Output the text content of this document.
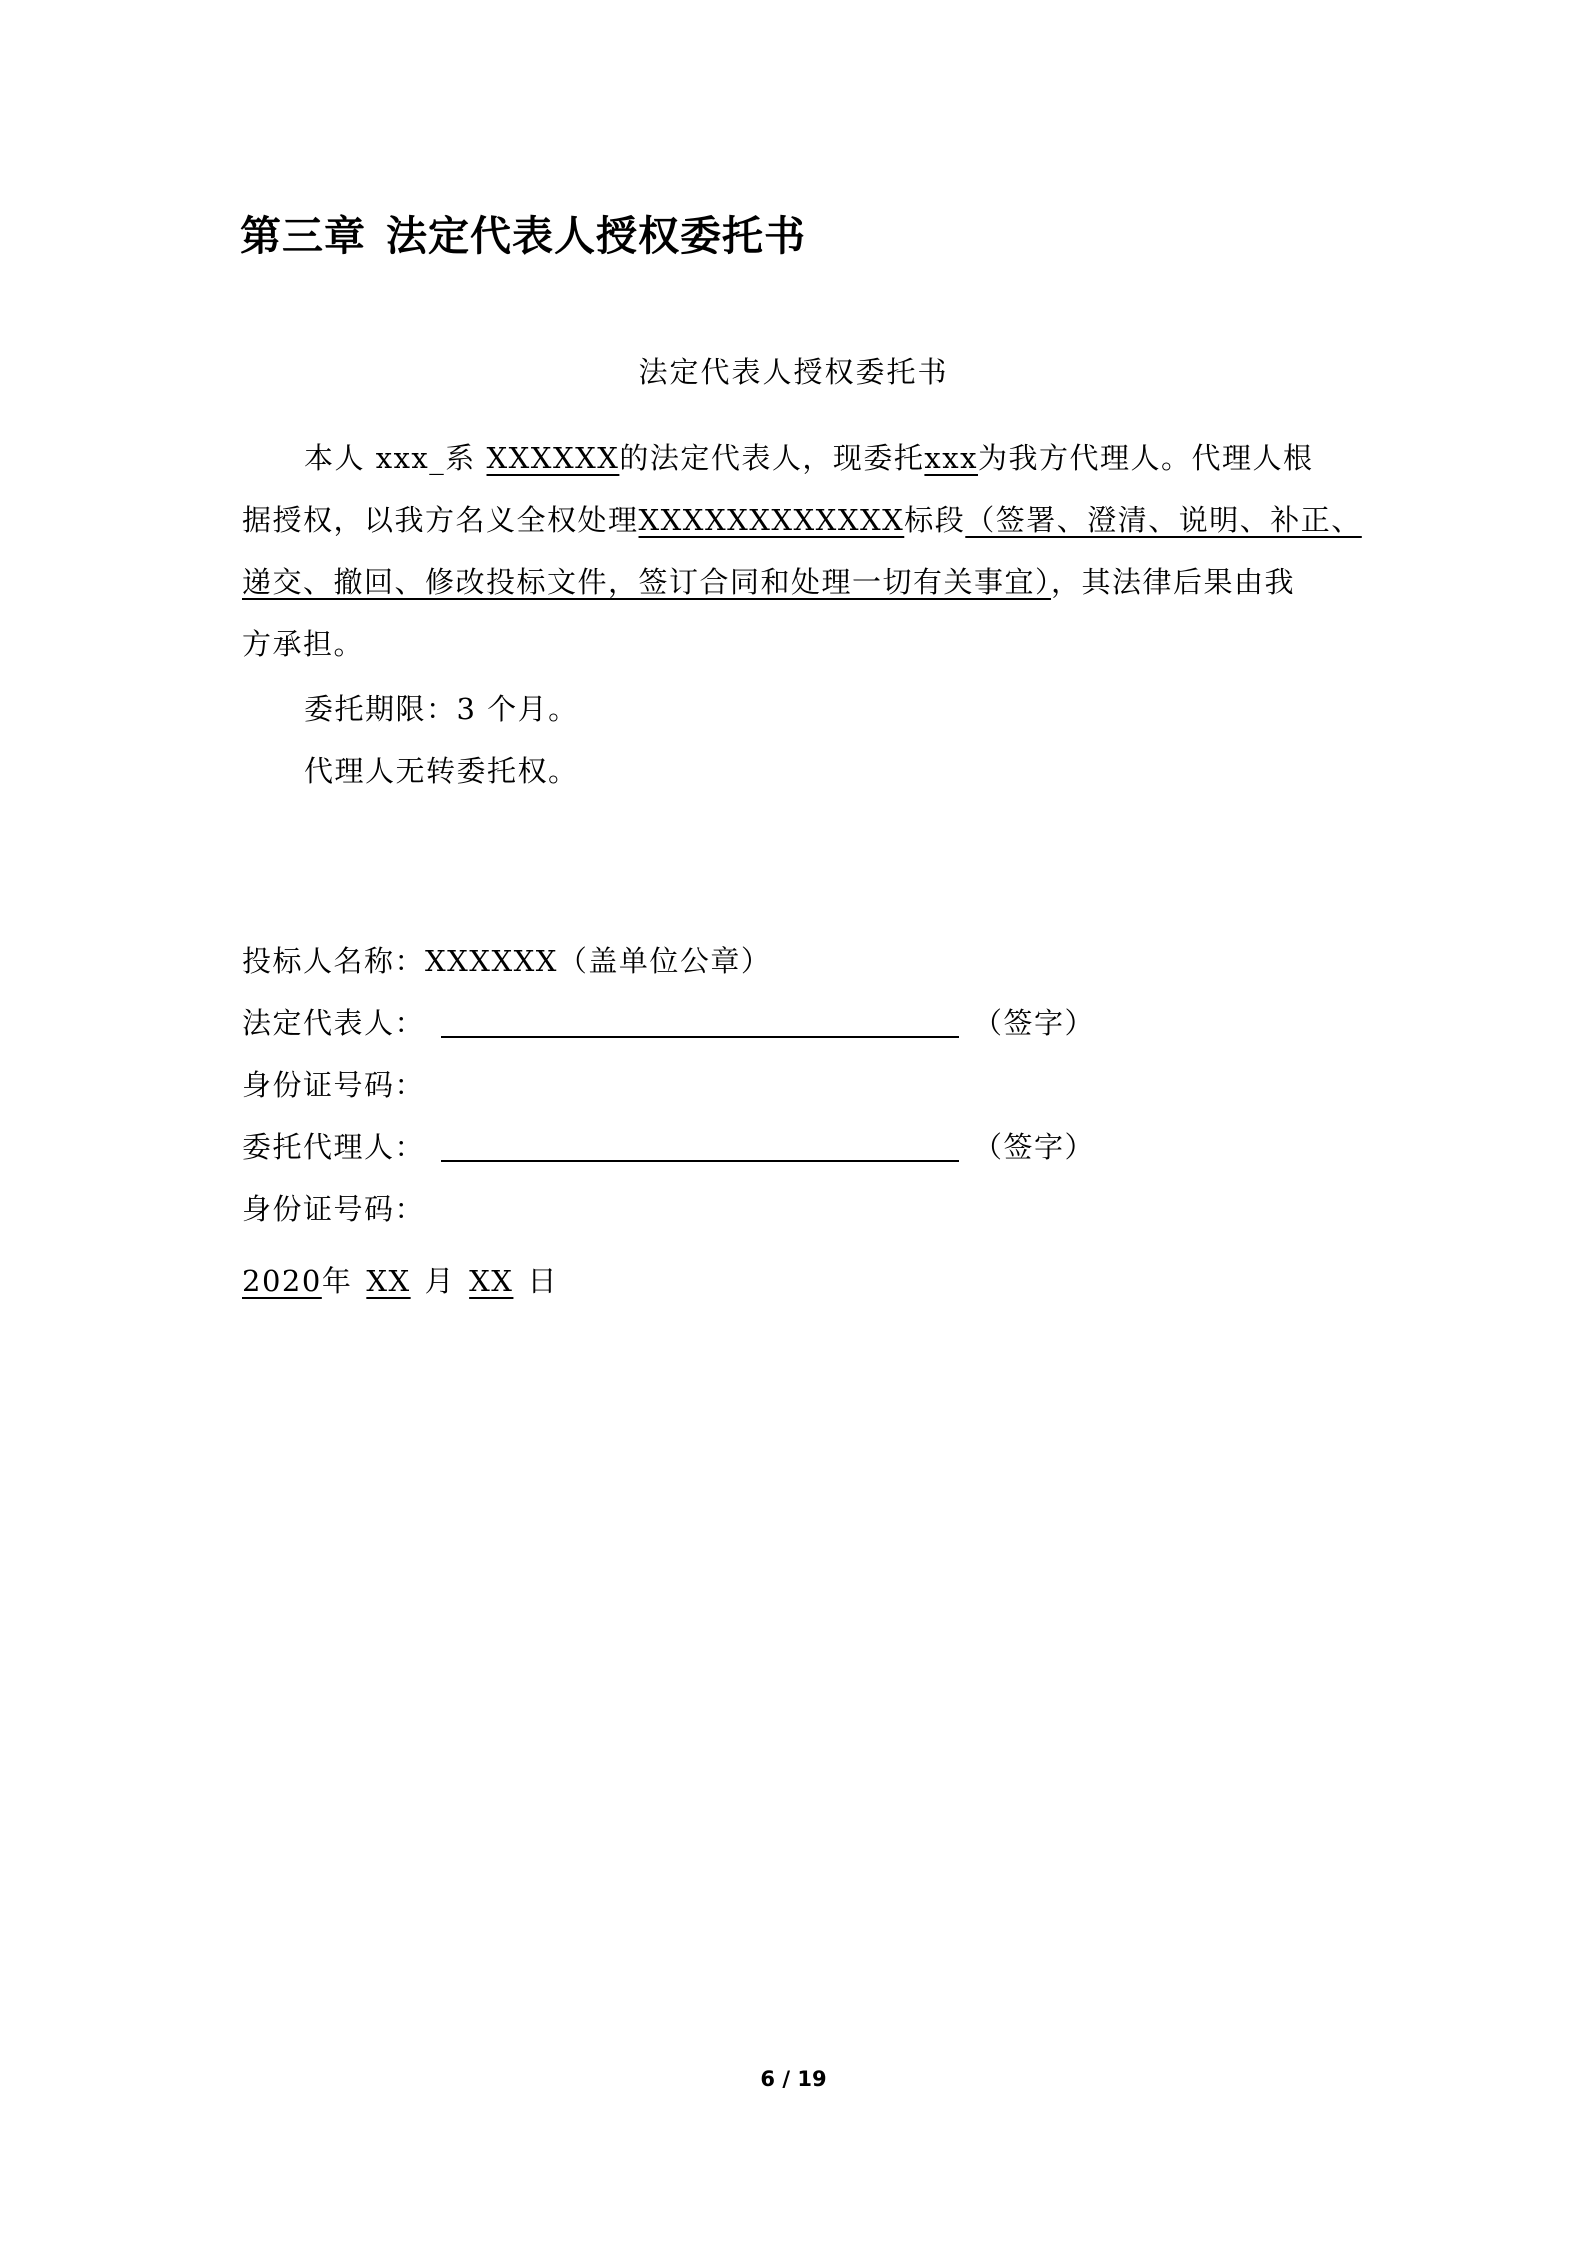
第三章 法定代表人授权委托书
法定代表人授权委托书
本人 xxx_系 XXXXXX的法定代表人，现委托xxx为我方代理人。代理人根
据授权，以我方名义全权处理XXXXXXXXXXXX标段（签署、澄清、说明、补正、
递交、撤回、修改投标文件，签订合同和处理一切有关事宜），其法律后果由我
方承担。
委托期限：3 个月。
代理人无转委托权。
投标人名称： XXXXXX（盖单位公章）
法定代表人：	（签字）
身份证号码：
委托代理人：	（签字）
身份证号码：
2020 年 XX 月 XX 日
6 / 19
